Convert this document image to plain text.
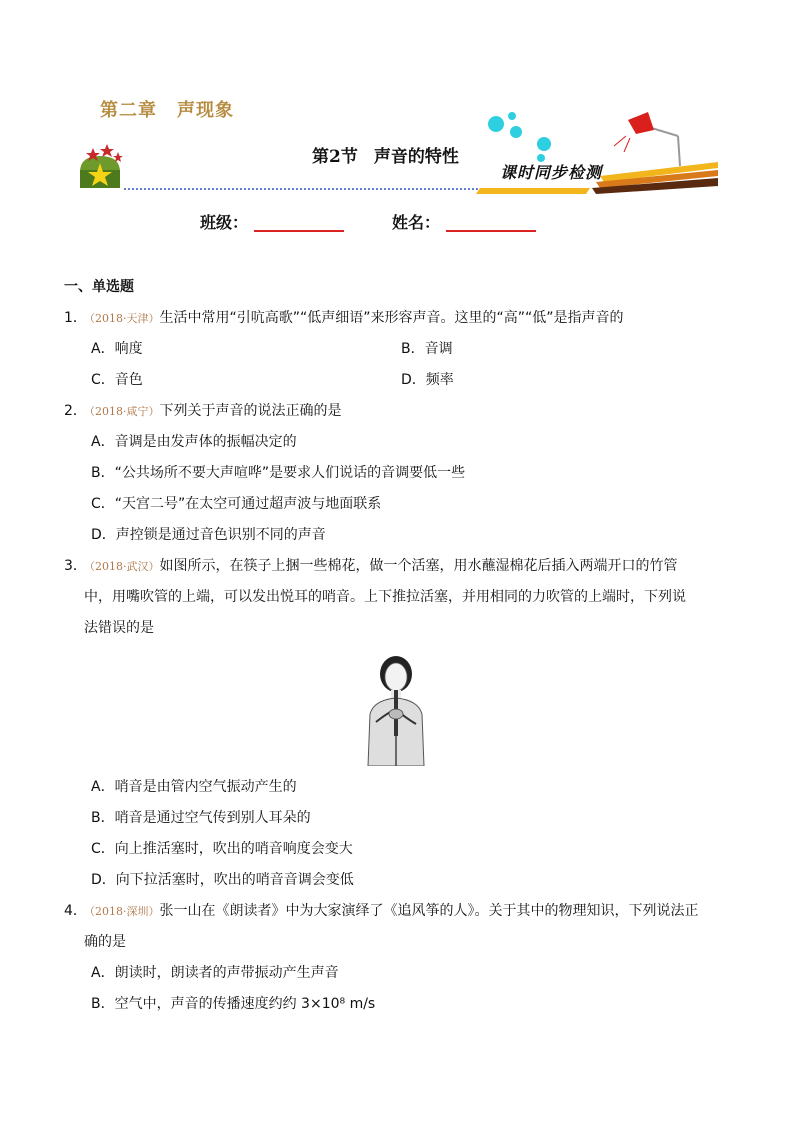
第二章 声现象
第2节 声音的特性
课时同步检测
班级：	姓名：
一、单选题
1．（2018·天津）生活中常用“引吭高歌”“低声细语”来形容声音。这里的“高”“低”是指声音的
A．响度	B．音调
C．音色	D．频率
2．（2018·咸宁）下列关于声音的说法正确的是
A．音调是由发声体的振幅决定的
B．“公共场所不要大声喧哗”是要求人们说话的音调要低一些
C．“天宫二号”在太空可通过超声波与地面联系
D．声控锁是通过音色识别不同的声音
3．（2018·武汉）如图所示，在筷子上捆一些棉花，做一个活塞，用水蘸湿棉花后插入两端开口的竹管
中，用嘴吹管的上端，可以发出悦耳的哨音。上下推拉活塞，并用相同的力吹管的上端时，下列说
法错误的是
A．哨音是由管内空气振动产生的
B．哨音是通过空气传到别人耳朵的
C．向上推活塞时，吹出的哨音响度会变大
D．向下拉活塞时，吹出的哨音音调会变低
4．（2018·深圳）张一山在《朗读者》中为大家演绎了《追风筝的人》。关于其中的物理知识，下列说法正
确的是
A．朗读时，朗读者的声带振动产生声音
B．空气中，声音的传播速度约约 3×10⁸ m/s
